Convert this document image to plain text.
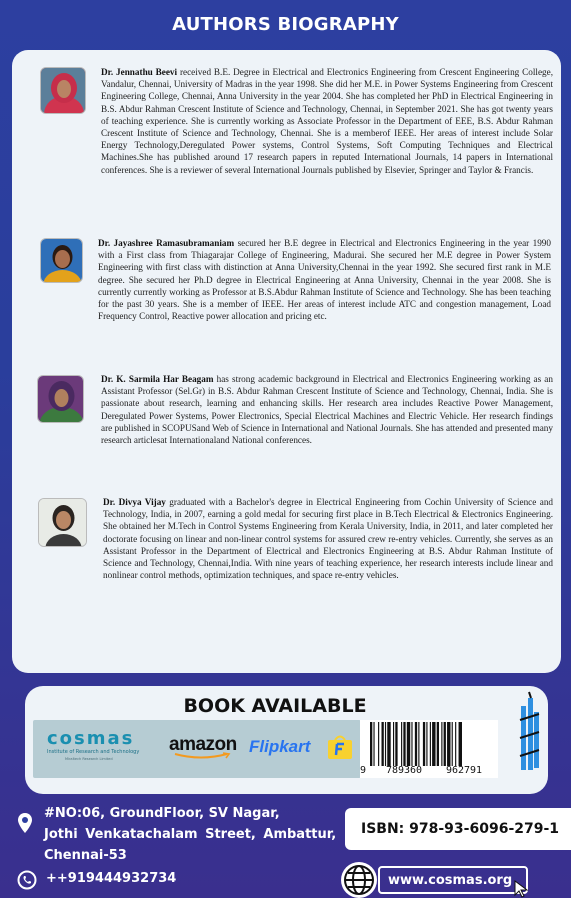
AUTHORS BIOGRAPHY

Dr. Jennathu Beevi received B.E. Degree in Electrical and Electronics Engineering from Crescent Engineering College, Vandalur, Chennai, University of Madras in the year 1998. She did her M.E. in Power Systems Engineering from Crescent Engineering College, Chennai, Anna University in the year 2004. She has completed her PhD in Electrical Engineering in B.S. Abdur Rahman Crescent Institute of Science and Technology, Chennai, in September 2021. She has got twenty years of teaching experience. She is currently working as Associate Professor in the Department of EEE, B.S. Abdur Rahman Crescent Institute of Science and Technology, Chennai. She is a memberof IEEE. Her areas of interest include Solar Energy Technology,Deregulated Power systems, Control Systems, Soft Computing Techniques and Electrical Machines.She has published around 17 research papers in reputed International Journals, 14 papers in International conferences. She is a reviewer of several International Journals published by Elsevier, Springer and Taylor & Francis.

Dr. Jayashree Ramasubramaniam secured her B.E degree in Electrical and Electronics Engineering in the year 1990 with a First class from Thiagarajar College of Engineering, Madurai. She secured her M.E degree in Power System Engineering with first class with distinction at Anna University,Chennai in the year 1992. She secured first rank in M.E degree. She secured her Ph.D degree in Electrical Engineering at Anna University, Chennai in the year 2008. She is currently currently working as Professor at B.S.Abdur Rahman Institute of Science and Technology. She has been teaching for the past 30 years. She is a member of IEEE. Her areas of interest include ATC and congestion management, Load Frequency Control, Reactive power allocation and pricing etc.

Dr. K. Sarmila Har Beagam has strong academic background in Electrical and Electronics Engineering working as an Assistant Professor (Sel.Gr) in B.S. Abdur Rahman Crescent Institute of Science and Technology, Chennai, India. She is passionate about research, learning and enhancing skills. Her research area includes Reactive Power Management, Deregulated Power Systems, Power Electronics, Special Electrical Machines and Electric Vehicle. Her research findings are published in SCOPUSand Web of Science in International and National Journals. She has attended and presented many research articlesat Internationaland National conferences.

Dr. Divya Vijay graduated with a Bachelor's degree in Electrical Engineering from Cochin University of Science and Technology, India, in 2007, earning a gold medal for securing first place in B.Tech Electrical & Electronics Engineering. She obtained her M.Tech in Control Systems Engineering from Kerala University, India, in 2011, and later completed her doctorate focusing on linear and non-linear control systems for assured crew re-entry vehicles. Currently, she serves as an Assistant Professor in the Department of Electrical and Electronics Engineering at B.S. Abdur Rahman Institute of Science and Technology, Chennai,India. With nine years of teaching experience, her research interests include linear and nonlinear control methods, optimization techniques, and space re-entry vehicles.

BOOK AVAILABLE
cosmas
Institute of Research and Technology
Miraltech Research Limited
amazon Flipkart
9	789360	962791
#NO:06, GroundFloor, SV Nagar,
Jothi Venkatachalam Street, Ambattur,
Chennai-53
ISBN: 978-93-6096-279-1
++919444932734	www.cosmas.org
